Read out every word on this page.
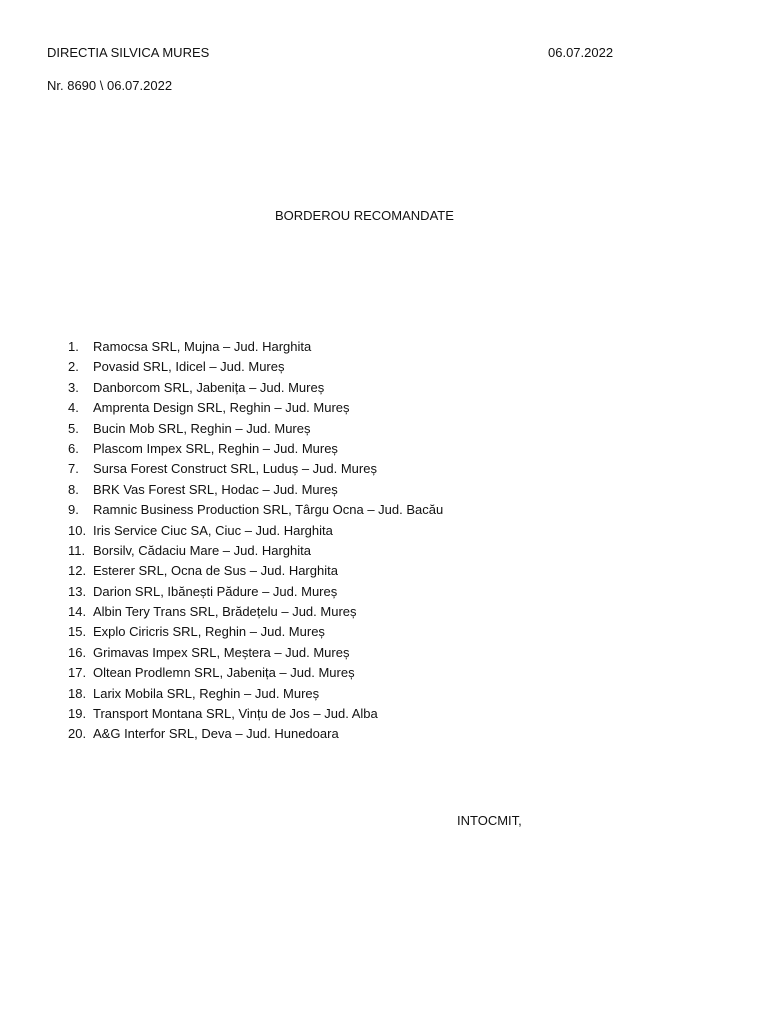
DIRECTIA SILVICA MURES	06.07.2022
Nr. 8690 \ 06.07.2022
BORDEROU RECOMANDATE
1.	Ramocsa SRL, Mujna – Jud. Harghita
2.	Povasid SRL, Idicel – Jud. Mureș
3.	Danborcom SRL, Jabenița – Jud. Mureș
4.	Amprenta Design SRL, Reghin – Jud. Mureș
5.	Bucin Mob SRL, Reghin – Jud. Mureș
6.	Plascom Impex SRL, Reghin – Jud. Mureș
7.	Sursa Forest Construct SRL, Luduș – Jud. Mureș
8.	BRK Vas Forest SRL, Hodac – Jud. Mureș
9.	Ramnic Business Production SRL, Târgu Ocna – Jud. Bacău
10. Iris Service Ciuc SA, Ciuc – Jud. Harghita
11. Borsilv, Cădaciu Mare – Jud. Harghita
12. Esterer SRL, Ocna de Sus – Jud. Harghita
13. Darion SRL, Ibănești Pădure – Jud. Mureș
14. Albin Tery Trans SRL, Brădețelu – Jud. Mureș
15. Explo Ciricris SRL, Reghin – Jud. Mureș
16. Grimavas Impex SRL, Meștera – Jud. Mureș
17. Oltean Prodlemn SRL, Jabenița – Jud. Mureș
18. Larix Mobila SRL, Reghin – Jud. Mureș
19. Transport Montana SRL, Vințu de Jos – Jud. Alba
20. A&G Interfor SRL, Deva – Jud. Hunedoara
INTOCMIT,
